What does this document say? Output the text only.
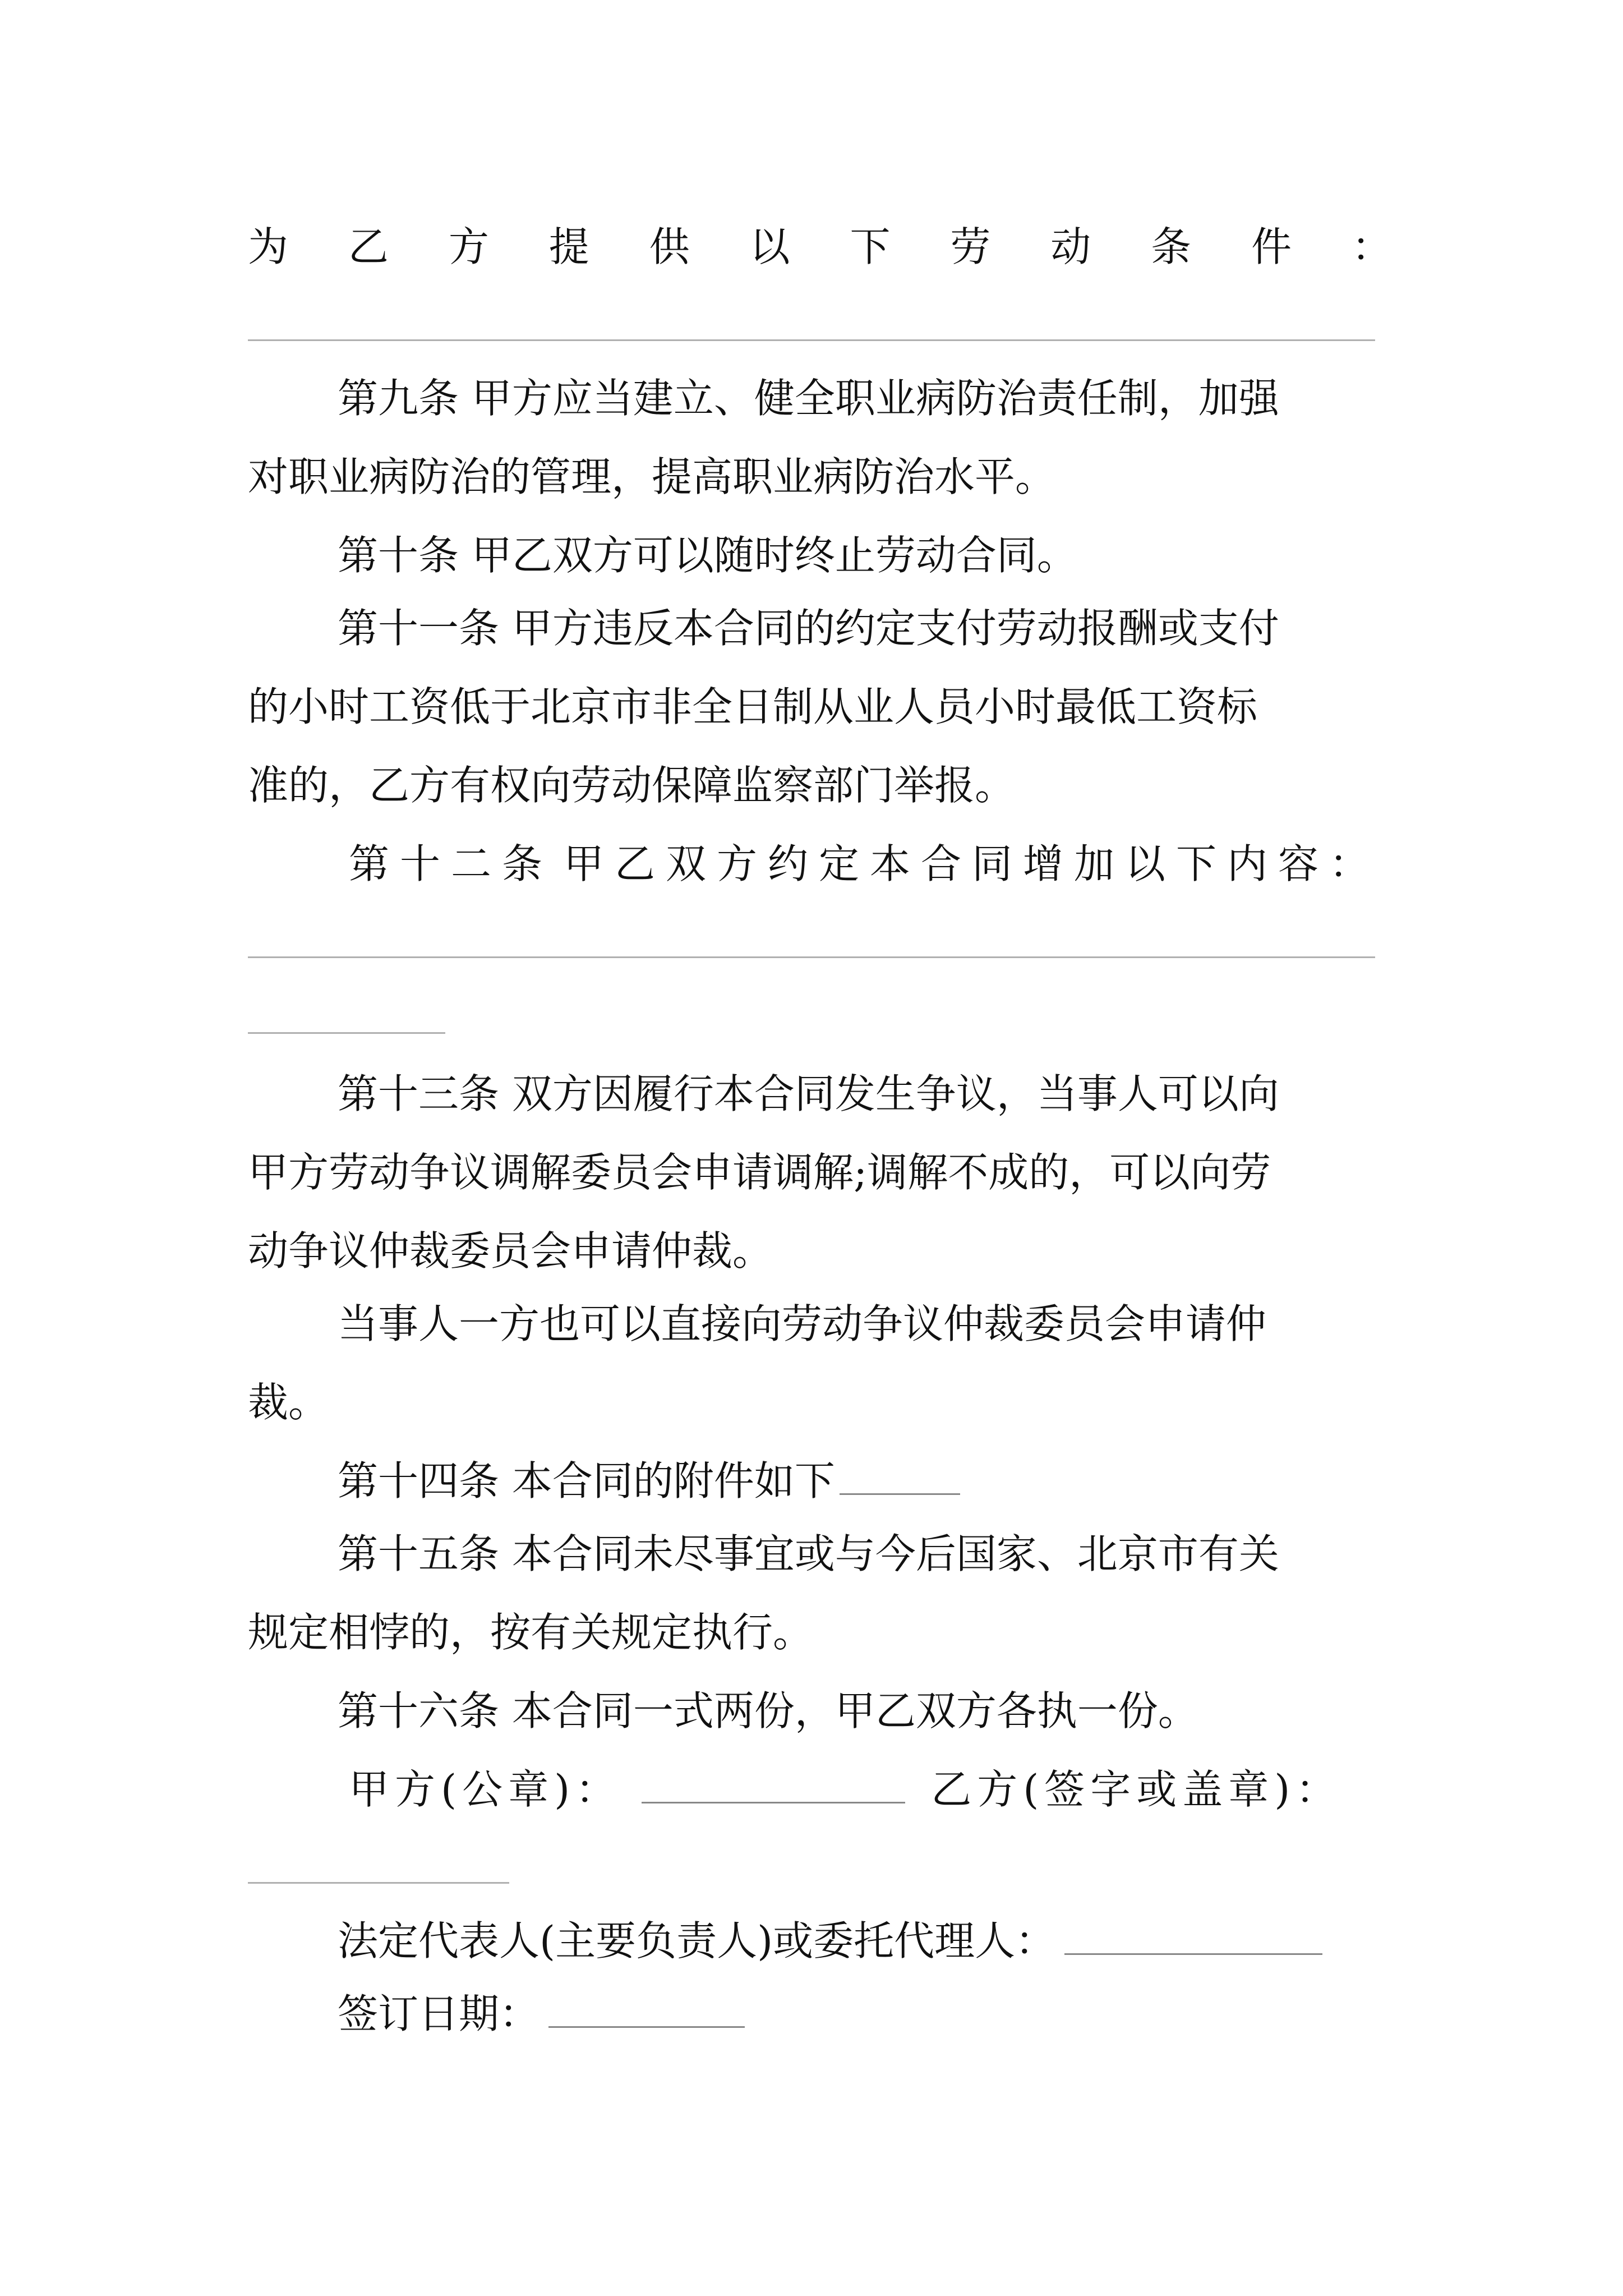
为 乙 方 提 供 以 下 劳 动 条 件 ：
第九条 甲方应当建立、健全职业病防治责任制，加强
对职业病防治的管理，提高职业病防治水平。
第十条 甲乙双方可以随时终止劳动合同。
第十一条 甲方违反本合同的约定支付劳动报酬或支付
的小时工资低于北京市非全日制从业人员小时最低工资标
准的，乙方有权向劳动保障监察部门举报。
第 十 二 条 甲 乙 双 方 约 定 本 合 同 增 加 以 下 内 容 ：
第十三条 双方因履行本合同发生争议，当事人可以向
甲方劳动争议调解委员会申请调解;调解不成的，可以向劳
动争议仲裁委员会申请仲裁。
当事人一方也可以直接向劳动争议仲裁委员会申请仲
裁。
第十四条 本合同的附件如下
第十五条 本合同未尽事宜或与今后国家、北京市有关
规定相悖的，按有关规定执行。
第十六条 本合同一式两份，甲乙双方各执一份。
甲方(公章)：	乙方(签字或盖章)：
法定代表人(主要负责人)或委托代理人：
签订日期：
